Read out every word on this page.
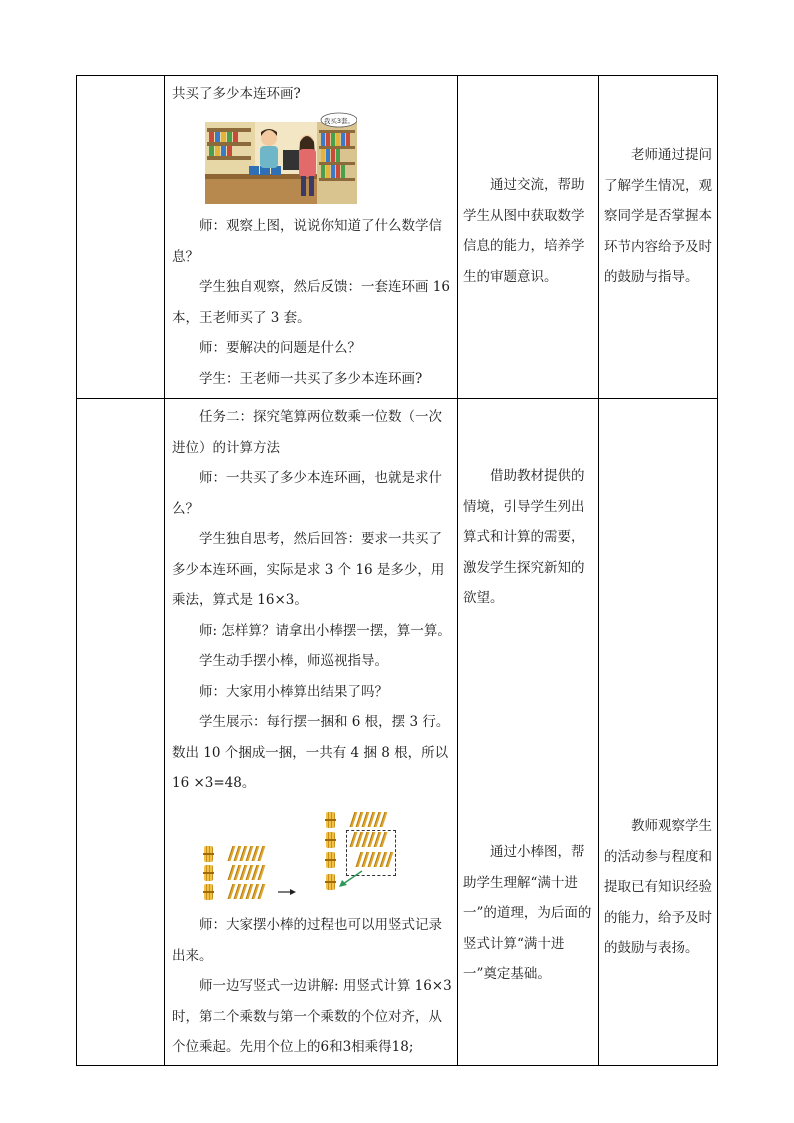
共买了多少本连环画?

我买3套。

师：观察上图，说说你知道了什么数学信息？

学生独自观察，然后反馈：一套连环画 16 本，王老师买了 3 套。

师：要解决的问题是什么？

学生：王老师一共买了多少本连环画?

通过交流，帮助学生从图中获取数学信息的能力，培养学生的审题意识。

老师通过提问了解学生情况，观察同学是否掌握本环节内容给予及时的鼓励与指导。

任务二：探究笔算两位数乘一位数（一次进位）的计算方法

师：一共买了多少本连环画，也就是求什么？

学生独自思考，然后回答：要求一共买了多少本连环画，实际是求 3 个 16 是多少，用乘法，算式是 16×3。

师: 怎样算？请拿出小棒摆一摆，算一算。

学生动手摆小棒，师巡视指导。

师：大家用小棒算出结果了吗？

学生展示：每行摆一捆和 6 根，摆 3 行。数出 10 个捆成一捆，一共有 4 捆 8 根，所以 16 ×3=48。

师：大家摆小棒的过程也可以用竖式记录出来。

师一边写竖式一边讲解: 用竖式计算 16×3时，第二个乘数与第一个乘数的个位对齐，从个位乘起。先用个位上的6和3相乘得18;

借助教材提供的情境，引导学生列出算式和计算的需要，激发学生探究新知的欲望。

通过小棒图，帮助学生理解“满十进一”的道理，为后面的竖式计算“满十进一”奠定基础。

教师观察学生的活动参与程度和提取已有知识经验的能力，给予及时的鼓励与表扬。
